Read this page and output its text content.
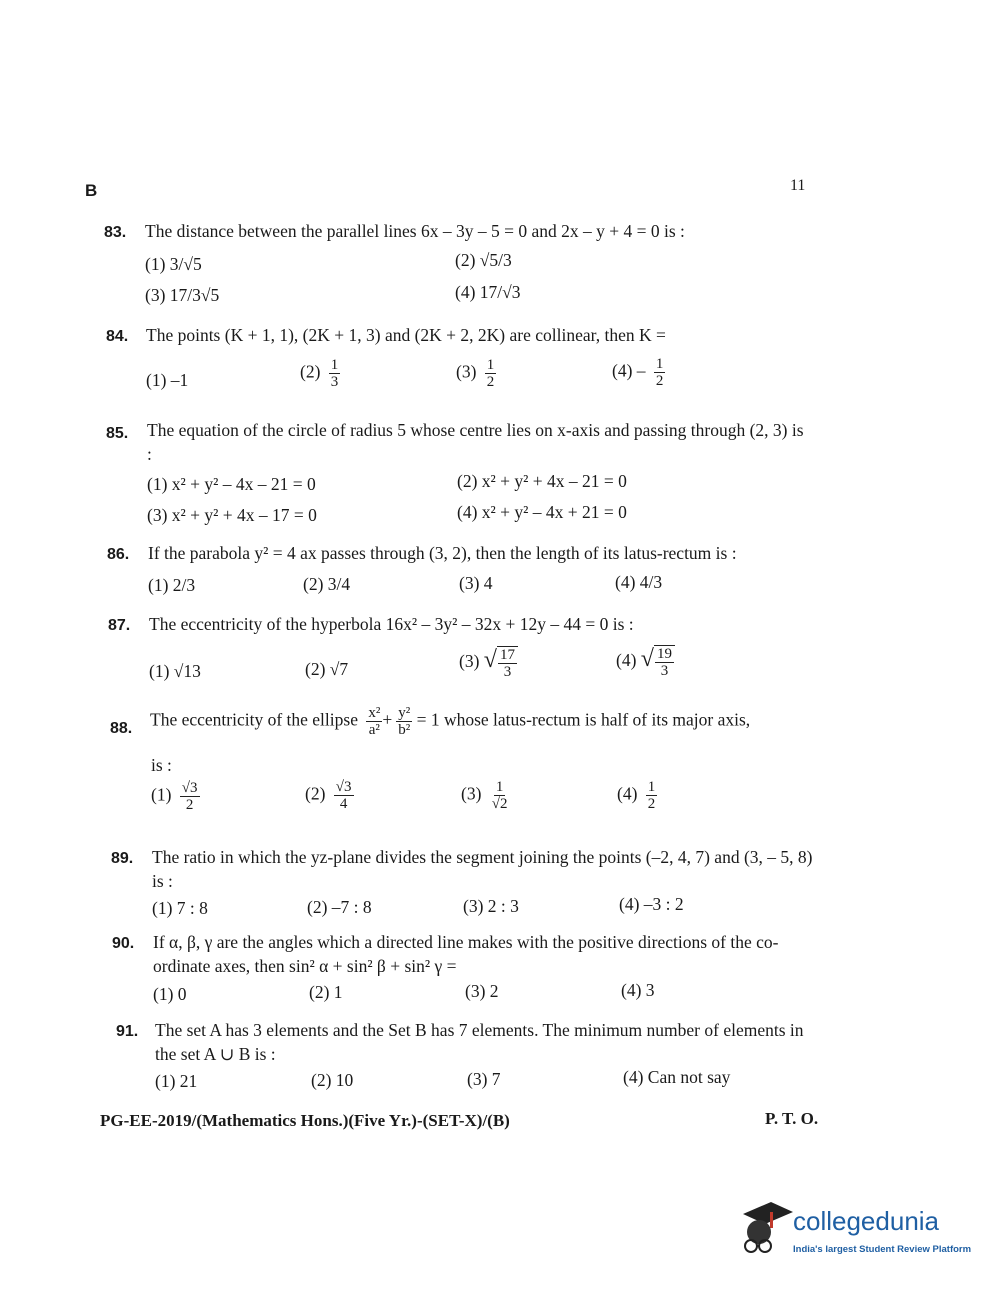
B	11
83. The distance between the parallel lines 6x – 3y – 5 = 0 and 2x – y + 4 = 0 is :
(1) 3/√5	(2) √5/3
(3) 17/3√5	(4) 17/√3
84. The points (K + 1, 1), (2K + 1, 3) and (2K + 2, 2K) are collinear, then K =
(1) –1	$(2) \frac{1}{3}$	$(3) \frac{1}{2}$	$(4) - \frac{1}{2}$
85. The equation of the circle of radius 5 whose centre lies on x-axis and passing through (2, 3) is :
(1) x² + y² – 4x – 21 = 0	(2) x² + y² + 4x – 21 = 0
(3) x² + y² + 4x – 17 = 0	(4) x² + y² – 4x + 21 = 0
86. If the parabola y² = 4 ax passes through (3, 2), then the length of its latus-rectum is :
(1) 2/3	(2) 3/4	(3) 4	(4) 4/3
87. The eccentricity of the hyperbola 16x² – 3y² – 32x + 12y – 44 = 0 is :
(1) √13	(2) √7	(3) √ $\frac{17}{3}$	(4) √ $\frac{19}{3}$
88. The eccentricity of the ellipse $\frac{\text{x²}}{\text{a²}} + \frac{\text{y²}}{\text{b²}} = 1$ whose latus-rectum is half of its major axis,
is :
$(1) \frac{√3}{2}$	$(2) \frac{√3}{4}$	$(3) \frac{1}{√2}$	$(4) \frac{1}{2}$
89. The ratio in which the yz-plane divides the segment joining the points (–2, 4, 7) and (3, – 5, 8) is :
(1) 7 : 8	(2) –7 : 8	(3) 2 : 3	(4) –3 : 2
90. If α, β, γ are the angles which a directed line makes with the positive directions of the co-ordinate axes, then sin² α + sin² β + sin² γ =
(1) 0	(2) 1	(3) 2	(4) 3
91. The set A has 3 elements and the Set B has 7 elements. The minimum number of elements in the set A ∪ B is :
(1) 21	(2) 10	(3) 7	(4) Can not say
PG-EE-2019/(Mathematics Hons.)(Five Yr.)-(SET-X)/(B)	P. T. O.
collegedunia
India's largest Student Review Platform
